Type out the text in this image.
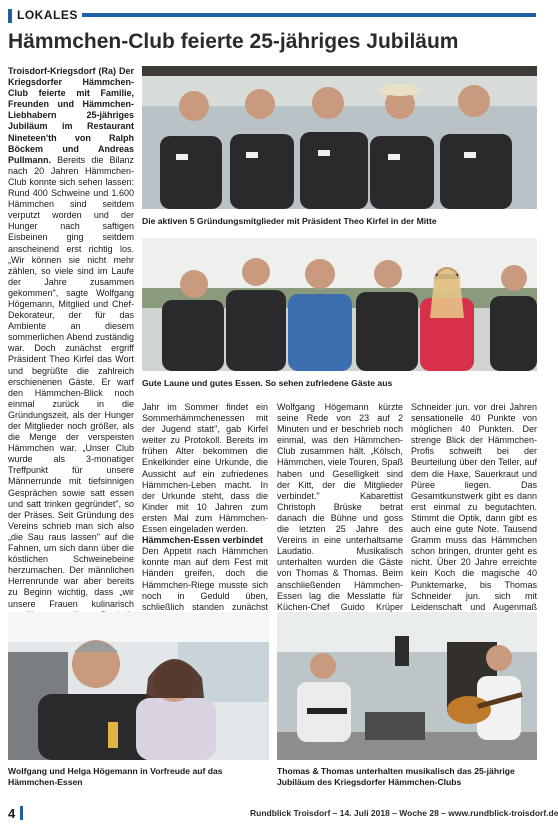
LOKALES
Hämmchen-Club feierte 25-jähriges Jubiläum

Troisdorf-Kriegsdorf (Ra) Der Kriegsdorfer Hämmchen-Club feierte mit Familie, Freunden und Hämmchen-Liebhabern 25-jähriges Jubiläum im Restaurant Nineteen'th von Ralph Böckem und Andreas Pullmann. Bereits die Bilanz nach 20 Jahren Hämmchen-Club konnte sich sehen lassen: Rund 400 Schweine und 1.600 Hämmchen sind seitdem verputzt worden und der Hunger nach saftigen Eisbeinen ging seitdem anscheinend erst richtig los. „Wir können sie nicht mehr zählen, so viele sind im Laufe der Jahre zusammen gekommen", sagte Wolfgang Högemann, Mitglied und Chef-Dekorateur, der für das Ambiente an diesem sommerlichen Abend zuständig war. Doch zunächst ergriff Präsident Theo Kirfel das Wort und begrüßte die zahlreich erschienenen Gäste. Er warf den Hämmchen-Blick noch einmal zurück in die Gründungszeit, als der Hunger der Mitglieder noch größer, als die Menge der verspeisten Hämmchen war. „Unser Club wurde als 3-monatiger Treffpunkt für unsere Männerrunde mit tiefsinnigen Gesprächen sowie satt essen und satt trinken gegründet", so der Präses. Seit Gründung des Vereins schrieb man sich also „die Sau raus lassen" auf die Fahnen, um sich dann über die köstlichen Schweinebeine herzumachen. Der männlichen Herrenrunde war aber bereits zu Beginn wichtig, dass „wir unsere Frauen kulinarisch

Die aktiven 5 Gründungsmitglieder mit Präsident Theo Kirfel in der Mitte
Gute Laune und gutes Essen. So sehen zufriedene Gäste aus

Jahr im Sommer findet ein Sommerhämmchenessen mit der Jugend statt", gab Kirfel weiter zu Protokoll. Bereits im frühen Alter bekommen die Enkelkinder eine Urkunde, die Aussicht auf ein zufriedenes Hämmchen-Leben macht. In der Urkunde steht, dass die Kinder mit 10 Jahren zum ersten Mal zum Hämmchen-Essen eingeladen werden.

Hämmchen-Essen verbindet

Den Appetit nach Hämmchen konnte man auf dem Fest mit Händen greifen, doch die Hämmchen-Riege musste sich noch in Geduld üben, schließlich standen zunächst

Wolfgang Högemann kürzte seine Rede von 23 auf 2 Minuten und er beschrieb noch einmal, was den Hämmchen-Club zusammen hält. „Kölsch, Hämmchen, viele Touren, Spaß haben und Geselligkeit sind der Kitt, der die Mitglieder verbindet." Kabarettist Christoph Brüske betrat danach die Bühne und goss die letzten 25 Jahre des Vereins in eine unterhaltsame Laudatio. Musikalisch unterhalten wurden die Gäste von Thomas & Thomas. Beim anschließenden Hämmchen-Essen lag die Messlatte für Küchen-Chef Guido Krüper

Schneider jun. vor drei Jahren sensationelle 40 Punkte von möglichen 40 Punkten. Der strenge Blick der Hämmchen-Profis schweift bei der Beurteilung über den Teller, auf dem die Haxe, Sauerkraut und Püree liegen. Das Gesamtkunstwerk gibt es dann erst einmal zu begutachten. Stimmt die Optik, dann gibt es auch eine gute Note. Tausend Gramm muss das Hämmchen schon bringen, drunter geht es nicht. Über 20 Jahre erreichte kein Koch die magische 40 Punktemarke, bis Thomas Schneider jun. sich mit Leidenschaft und Augenmaß

Wolfgang und Helga Högemann in Vorfreude auf das Hämmchen-Essen
Thomas & Thomas unterhalten musikalisch das 25-jährige Jubiläum des Kriegsdorfer Hämmchen-Clubs
4	Rundblick Troisdorf – 14. Juli 2018 – Woche 28 – www.rundblick-troisdorf.de
